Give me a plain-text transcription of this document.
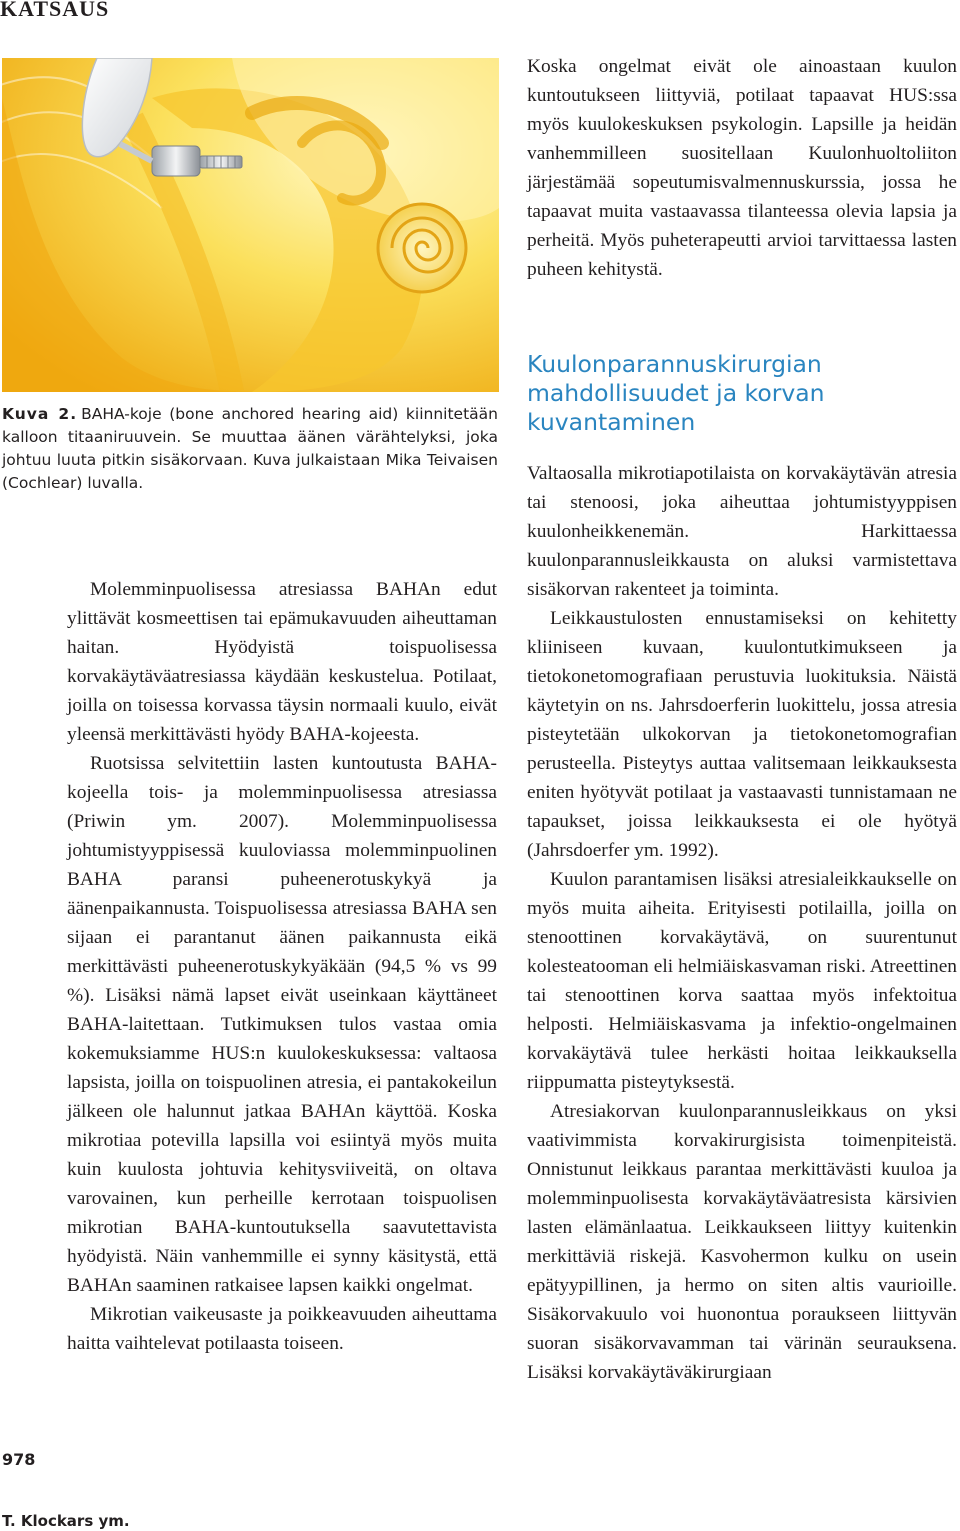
KATSAUS

Kuva 2. BAHA-koje (bone anchored hearing aid) kiinnitetään kalloon titaaniruuvein. Se muuttaa äänen värähtelyksi, joka johtuu luuta pitkin sisäkorvaan. Kuva julkaistaan Mika Teivaisen (Cochlear) luvalla.

Molemminpuolisessa atresiassa BAHAn edut ylittävät kosmeettisen tai epämukavuuden aiheuttaman haitan. Hyödyistä toispuolisessa korvakäytäväatresiassa käydään keskustelua. Potilaat, joilla on toisessa korvassa täysin normaali kuulo, eivät yleensä merkittävästi hyödy BAHA-kojeesta.

Ruotsissa selvitettiin lasten kuntoutusta BAHA-kojeella tois- ja molemminpuolisessa atresiassa (Priwin ym. 2007). Molemminpuolisessa johtumistyyppisessä kuuloviassa molemminpuolinen BAHA paransi puheenerotuskykyä ja äänenpaikannusta. Toispuolisessa atresiassa BAHA sen sijaan ei parantanut äänen paikannusta eikä merkittävästi puheenerotuskykyäkään (94,5 % vs 99 %). Lisäksi nämä lapset eivät useinkaan käyttäneet BAHA-laitettaan. Tutkimuksen tulos vastaa omia kokemuksiamme HUS:n kuulokeskuksessa: valtaosa lapsista, joilla on toispuolinen atresia, ei pantakokeilun jälkeen ole halunnut jatkaa BAHAn käyttöä. Koska mikrotiaa potevilla lapsilla voi esiintyä myös muita kuin kuulosta johtuvia kehitysviiveitä, on oltava varovainen, kun perheille kerrotaan toispuolisen mikrotian BAHA-kuntoutuksella saavutettavista hyödyistä. Näin vanhemmille ei synny käsitystä, että BAHAn saaminen ratkaisee lapsen kaikki ongelmat.

Mikrotian vaikeusaste ja poikkeavuuden aiheuttama haitta vaihtelevat potilaasta toiseen.

Koska ongelmat eivät ole ainoastaan kuulon kuntoutukseen liittyviä, potilaat tapaavat HUS:ssa myös kuulokeskuksen psykologin. Lapsille ja heidän vanhemmilleen suositellaan Kuulonhuoltoliiton järjestämää sopeutumisvalmennuskurssia, jossa he tapaavat muita vastaavassa tilanteessa olevia lapsia ja perheitä. Myös puheterapeutti arvioi tarvittaessa lasten puheen kehitystä.

Kuulonparannuskirurgian mahdollisuudet ja korvan kuvantaminen

Valtaosalla mikrotiapotilaista on korvakäytävän atresia tai stenoosi, joka aiheuttaa johtumistyyppisen kuulonheikkenemän. Harkittaessa kuulonparannusleikkausta on aluksi varmistettava sisäkorvan rakenteet ja toiminta.

Leikkaustulosten ennustamiseksi on kehitetty kliiniseen kuvaan, kuulontutkimukseen ja tietokonetomografiaan perustuvia luokituksia. Näistä käytetyin on ns. Jahrsdoerferin luokittelu, jossa atresia pisteytetään ulkokorvan ja tietokonetomografian perusteella. Pisteytys auttaa valitsemaan leikkauksesta eniten hyötyvät potilaat ja vastaavasti tunnistamaan ne tapaukset, joissa leikkauksesta ei ole hyötyä (Jahrsdoerfer ym. 1992).

Kuulon parantamisen lisäksi atresialeikkaukselle on myös muita aiheita. Erityisesti potilailla, joilla on stenoottinen korvakäytävä, on suurentunut kolesteatooman eli helmiäiskasvaman riski. Atreettinen tai stenoottinen korva saattaa myös infektoitua helposti. Helmiäiskasvama ja infektio-ongelmainen korvakäytävä tulee herkästi hoitaa leikkauksella riippumatta pisteytyksestä.

Atresiakorvan kuulonparannusleikkaus on yksi vaativimmista korvakirurgisista toimenpiteistä. Onnistunut leikkaus parantaa merkittävästi kuuloa ja molemminpuolisesta korvakäytäväatresista kärsivien lasten elämänlaatua. Leikkaukseen liittyy kuitenkin merkittäviä riskejä. Kasvohermon kulku on usein epätyypillinen, ja hermo on siten altis vaurioille. Sisäkorvakuulo voi huonontua poraukseen liittyvän suoran sisäkorvavamman tai värinän seurauksena. Lisäksi korvakäytäväkirurgiaan

978
T. Klockars ym.
